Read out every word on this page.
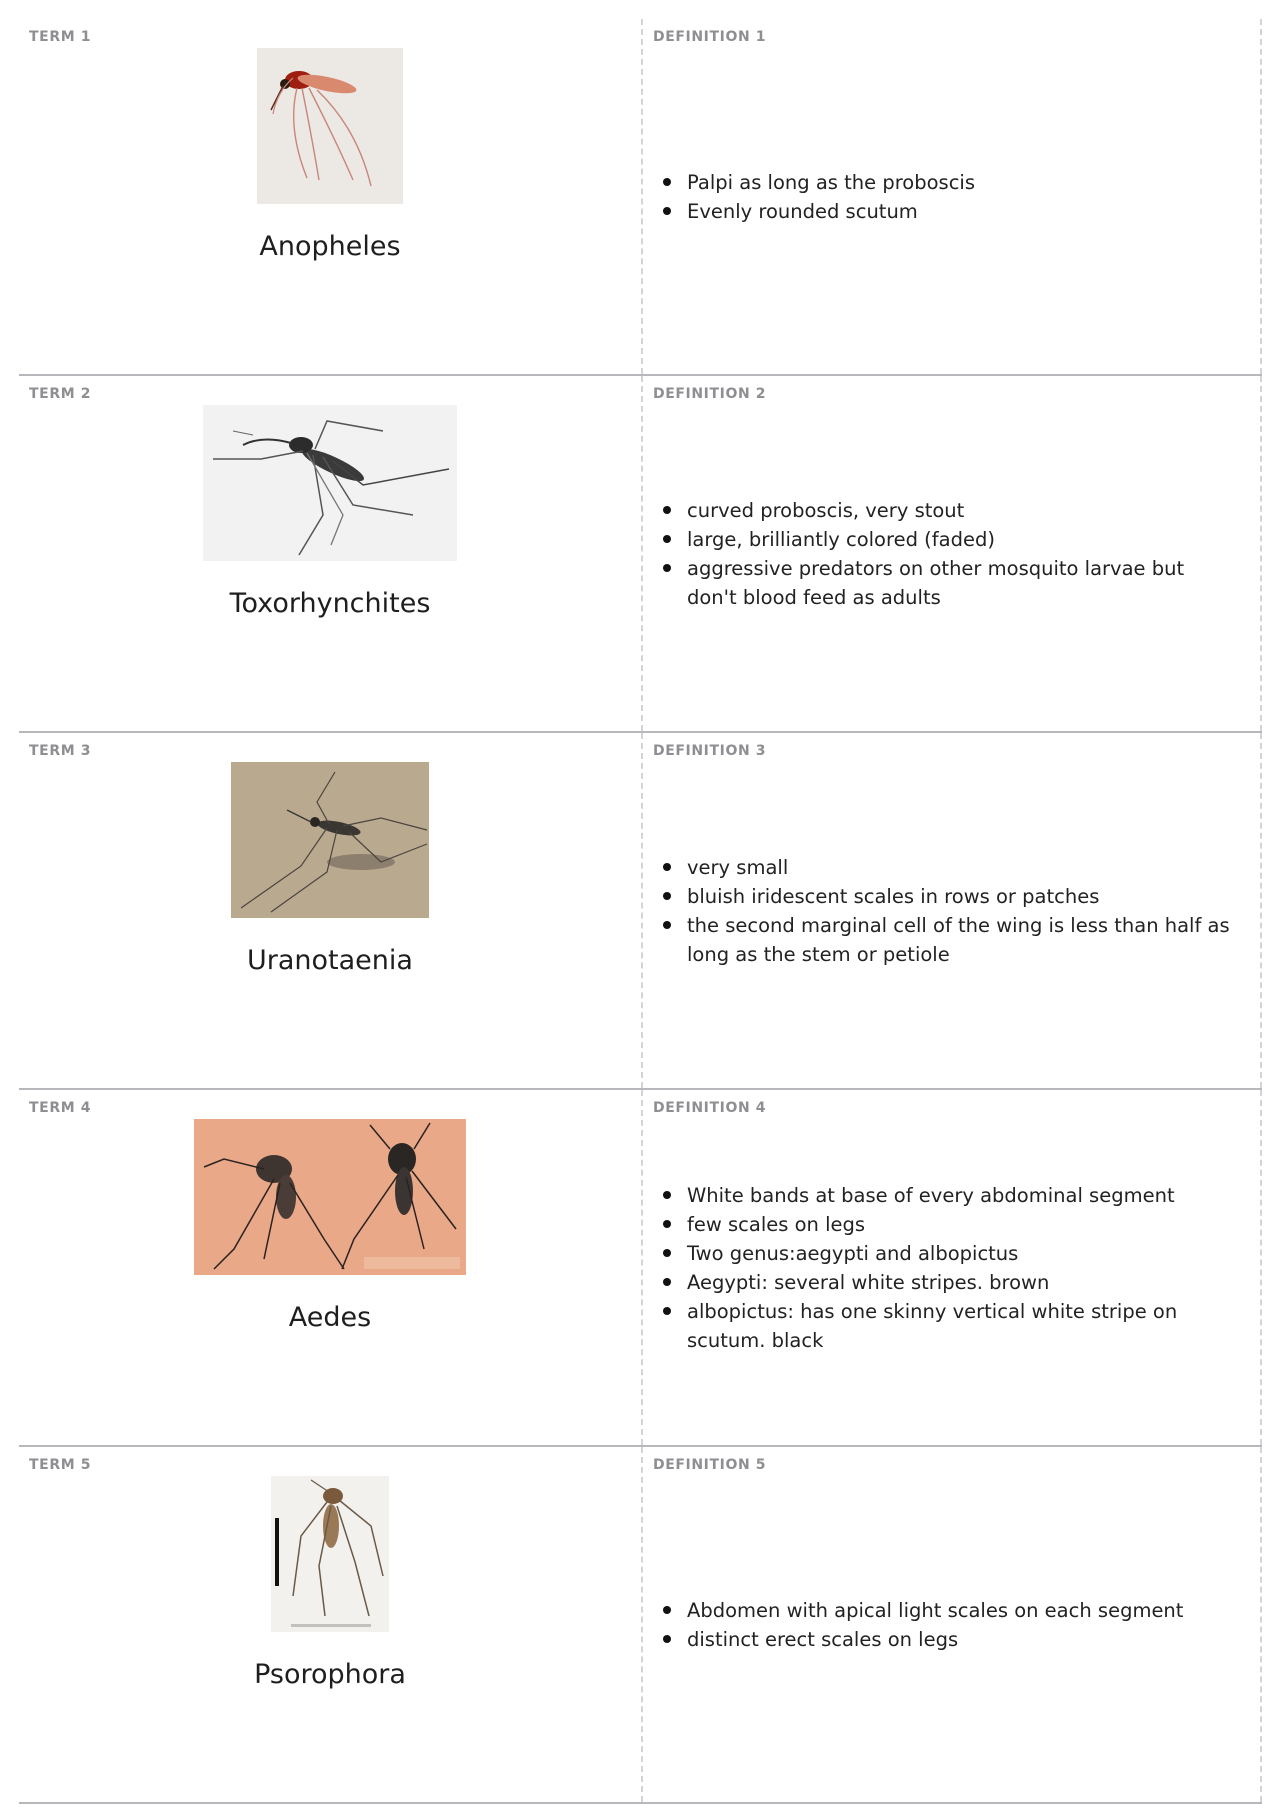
TERM 1
Anopheles
DEFINITION 1
Palpi as long as the proboscis
Evenly rounded scutum
TERM 2
Toxorhynchites
DEFINITION 2
curved proboscis, very stout
large, brilliantly colored (faded)
aggressive predators on other mosquito larvae but don't blood feed as adults
TERM 3
Uranotaenia
DEFINITION 3
very small
bluish iridescent scales in rows or patches
the second marginal cell of the wing is less than half as long as the stem or petiole
TERM 4
Aedes
DEFINITION 4
White bands at base of every abdominal segment
few scales on legs
Two genus:aegypti and albopictus
Aegypti: several white stripes. brown
albopictus: has one skinny vertical white stripe on scutum. black
TERM 5
Psorophora
DEFINITION 5
Abdomen with apical light scales on each segment
distinct erect scales on legs
